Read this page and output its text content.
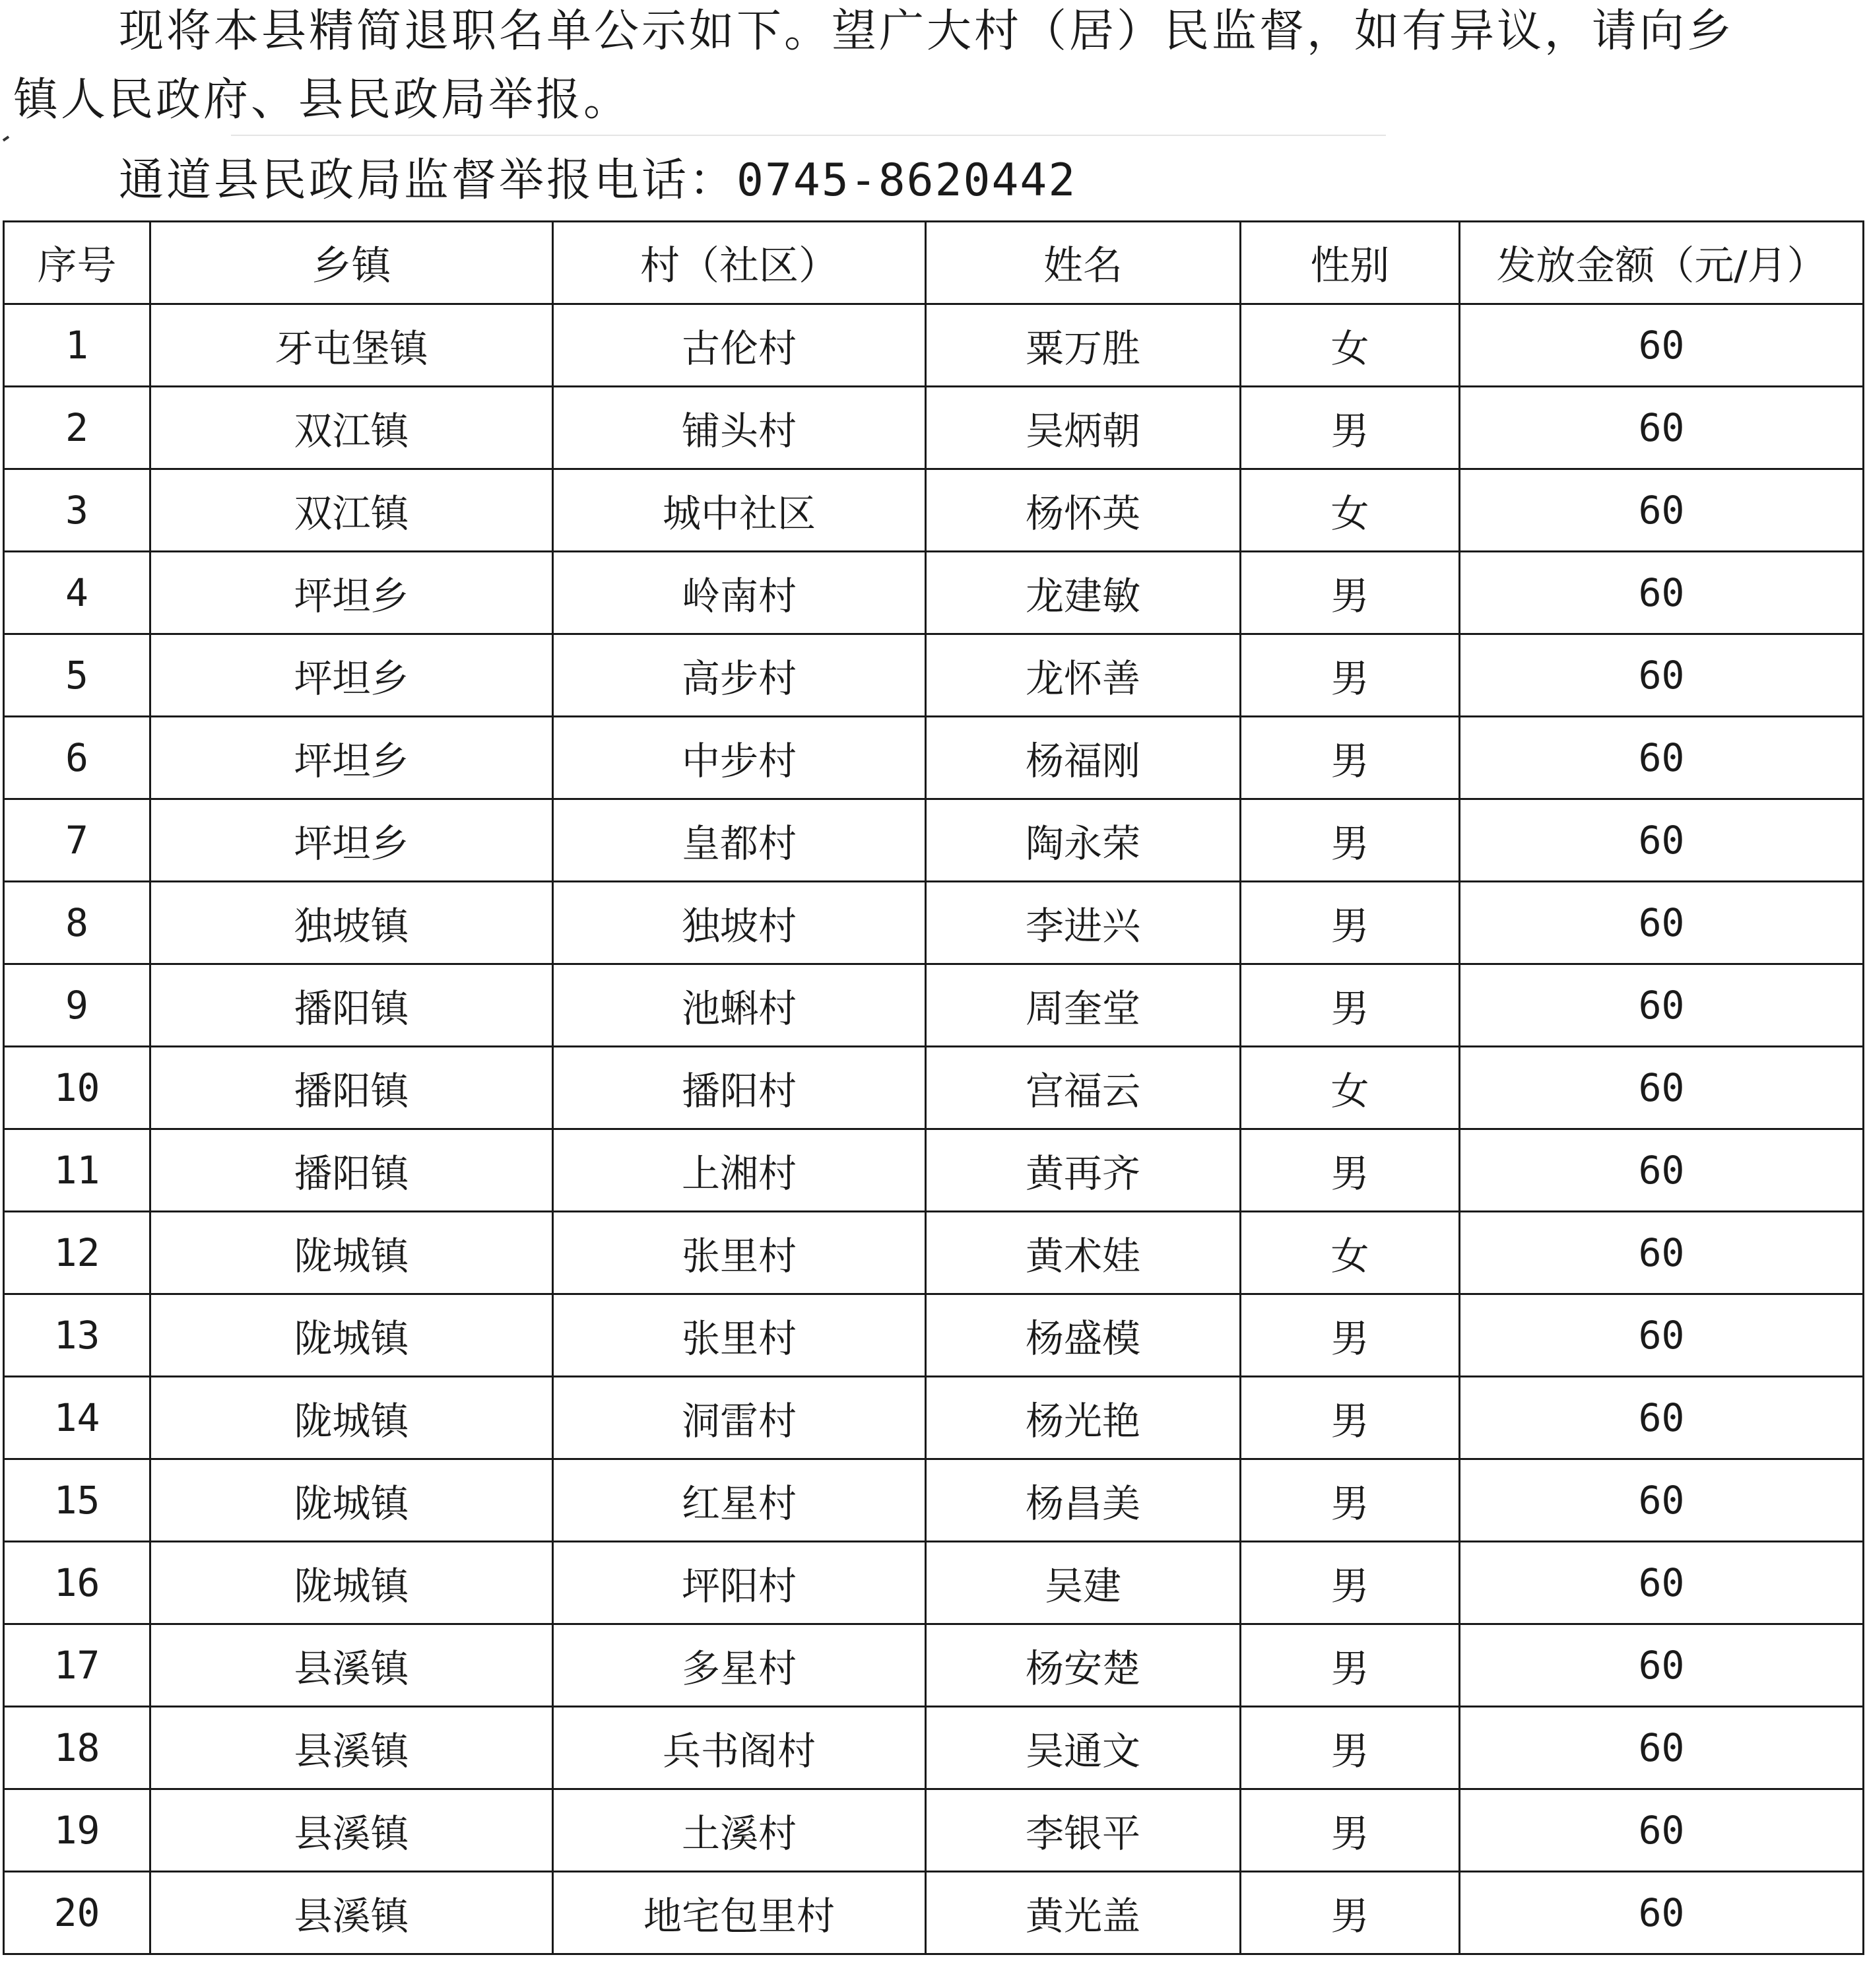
现将本县精简退职名单公示如下。望广大村（居）民监督，如有异议，请向乡
镇人民政府、县民政局举报。
通道县民政局监督举报电话：0745-8620442
序号	乡镇	村（社区）	姓名	性别	发放金额（元/月）
1	牙屯堡镇	古伦村	粟万胜	女	60
2	双江镇	铺头村	吴炳朝	男	60
3	双江镇	城中社区	杨怀英	女	60
4	坪坦乡	岭南村	龙建敏	男	60
5	坪坦乡	高步村	龙怀善	男	60
6	坪坦乡	中步村	杨福刚	男	60
7	坪坦乡	皇都村	陶永荣	男	60
8	独坡镇	独坡村	李进兴	男	60
9	播阳镇	池蝌村	周奎堂	男	60
10	播阳镇	播阳村	宫福云	女	60
11	播阳镇	上湘村	黄再齐	男	60
12	陇城镇	张里村	黄术娃	女	60
13	陇城镇	张里村	杨盛模	男	60
14	陇城镇	洞雷村	杨光艳	男	60
15	陇城镇	红星村	杨昌美	男	60
16	陇城镇	坪阳村	吴建	男	60
17	县溪镇	多星村	杨安楚	男	60
18	县溪镇	兵书阁村	吴通文	男	60
19	县溪镇	土溪村	李银平	男	60
20	县溪镇	地宅包里村	黄光盖	男	60
